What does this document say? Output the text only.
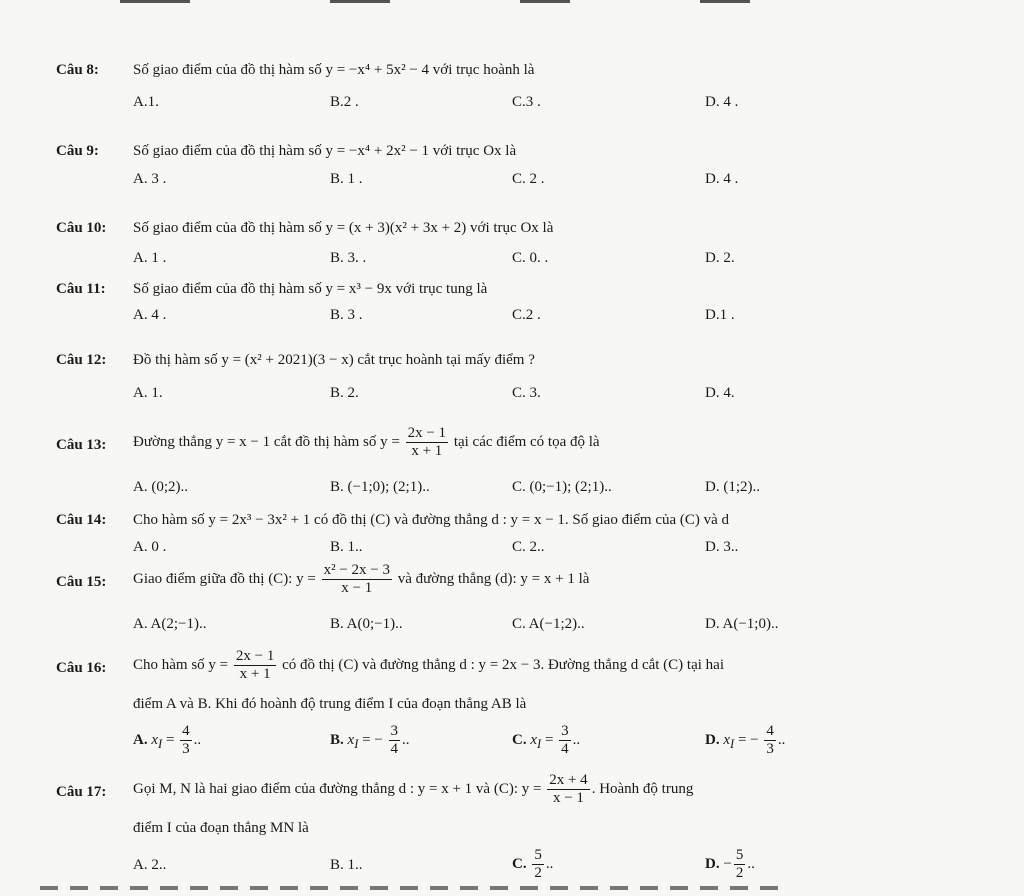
Câu 8: Số giao điểm của đồ thị hàm số y = −x⁴ + 5x² − 4 với trục hoành là
A.1.	B.2 .	C.3 .	D. 4 .
Câu 9: Số giao điểm của đồ thị hàm số y = −x⁴ + 2x² − 1 với trục Ox là
A. 3 .	B. 1 .	C. 2 .	D. 4 .
Câu 10: Số giao điểm của đồ thị hàm số y = (x + 3)(x² + 3x + 2) với trục Ox là
A. 1 .	B. 3. .	C. 0. .	D. 2.
Câu 11: Số giao điểm của đồ thị hàm số y = x³ − 9x với trục tung là
A. 4 .	B. 3 .	C.2 .	D.1 .
Câu 12: Đồ thị hàm số y = (x² + 2021)(3 − x) cắt trục hoành tại mấy điểm ?
A. 1.	B. 2.	C. 3.	D. 4.
Câu 13: Đường thẳng y = x − 1 cắt đồ thị hàm số $y = \frac{2x - 1}{x + 1}$ tại các điểm có tọa độ là
A. (0;2)..	B. (−1;0); (2;1)..	C. (0;−1); (2;1)..	D. (1;2)..
Câu 14: Cho hàm số y = 2x³ − 3x² + 1 có đồ thị (C) và đường thẳng d : y = x − 1. Số giao điểm của (C) và d
A. 0 .	B. 1..	C. 2..	D. 3..
Câu 15: Giao điểm giữa đồ thị (C): $y = \frac{\text{x² − 2x − 3}}{x - 1}$ và đường thẳng (d): y = x + 1 là
A. A(2;−1)..	B. A(0;−1)..	C. A(−1;2)..	D. A(−1;0)..
Câu 16: Cho hàm số $y = \frac{2x - 1}{x + 1}$ có đồ thị (C) và đường thẳng d : y = 2x − 3. Đường thẳng d cắt (C) tại hai
điểm A và B. Khi đó hoành độ trung điểm I của đoạn thẳng AB là
A. $x_I = \frac{4}{3}$ ..	B. $x_I$ = − $\frac{3}{4}$ ..	C. $x_I = \frac{3}{4}$ ..	D. $x_I$ = − $\frac{4}{3}$ ..
Câu 17: Gọi M, N là hai giao điểm của đường thẳng d : y = x + 1 và (C): $y = \frac{2x + 4}{x - 1}$ . Hoành độ trung
điểm I của đoạn thẳng MN là
A. 2..	B. 1..	C. $\frac{5}{2}$ ..	D. − $\frac{5}{2}$ ..
